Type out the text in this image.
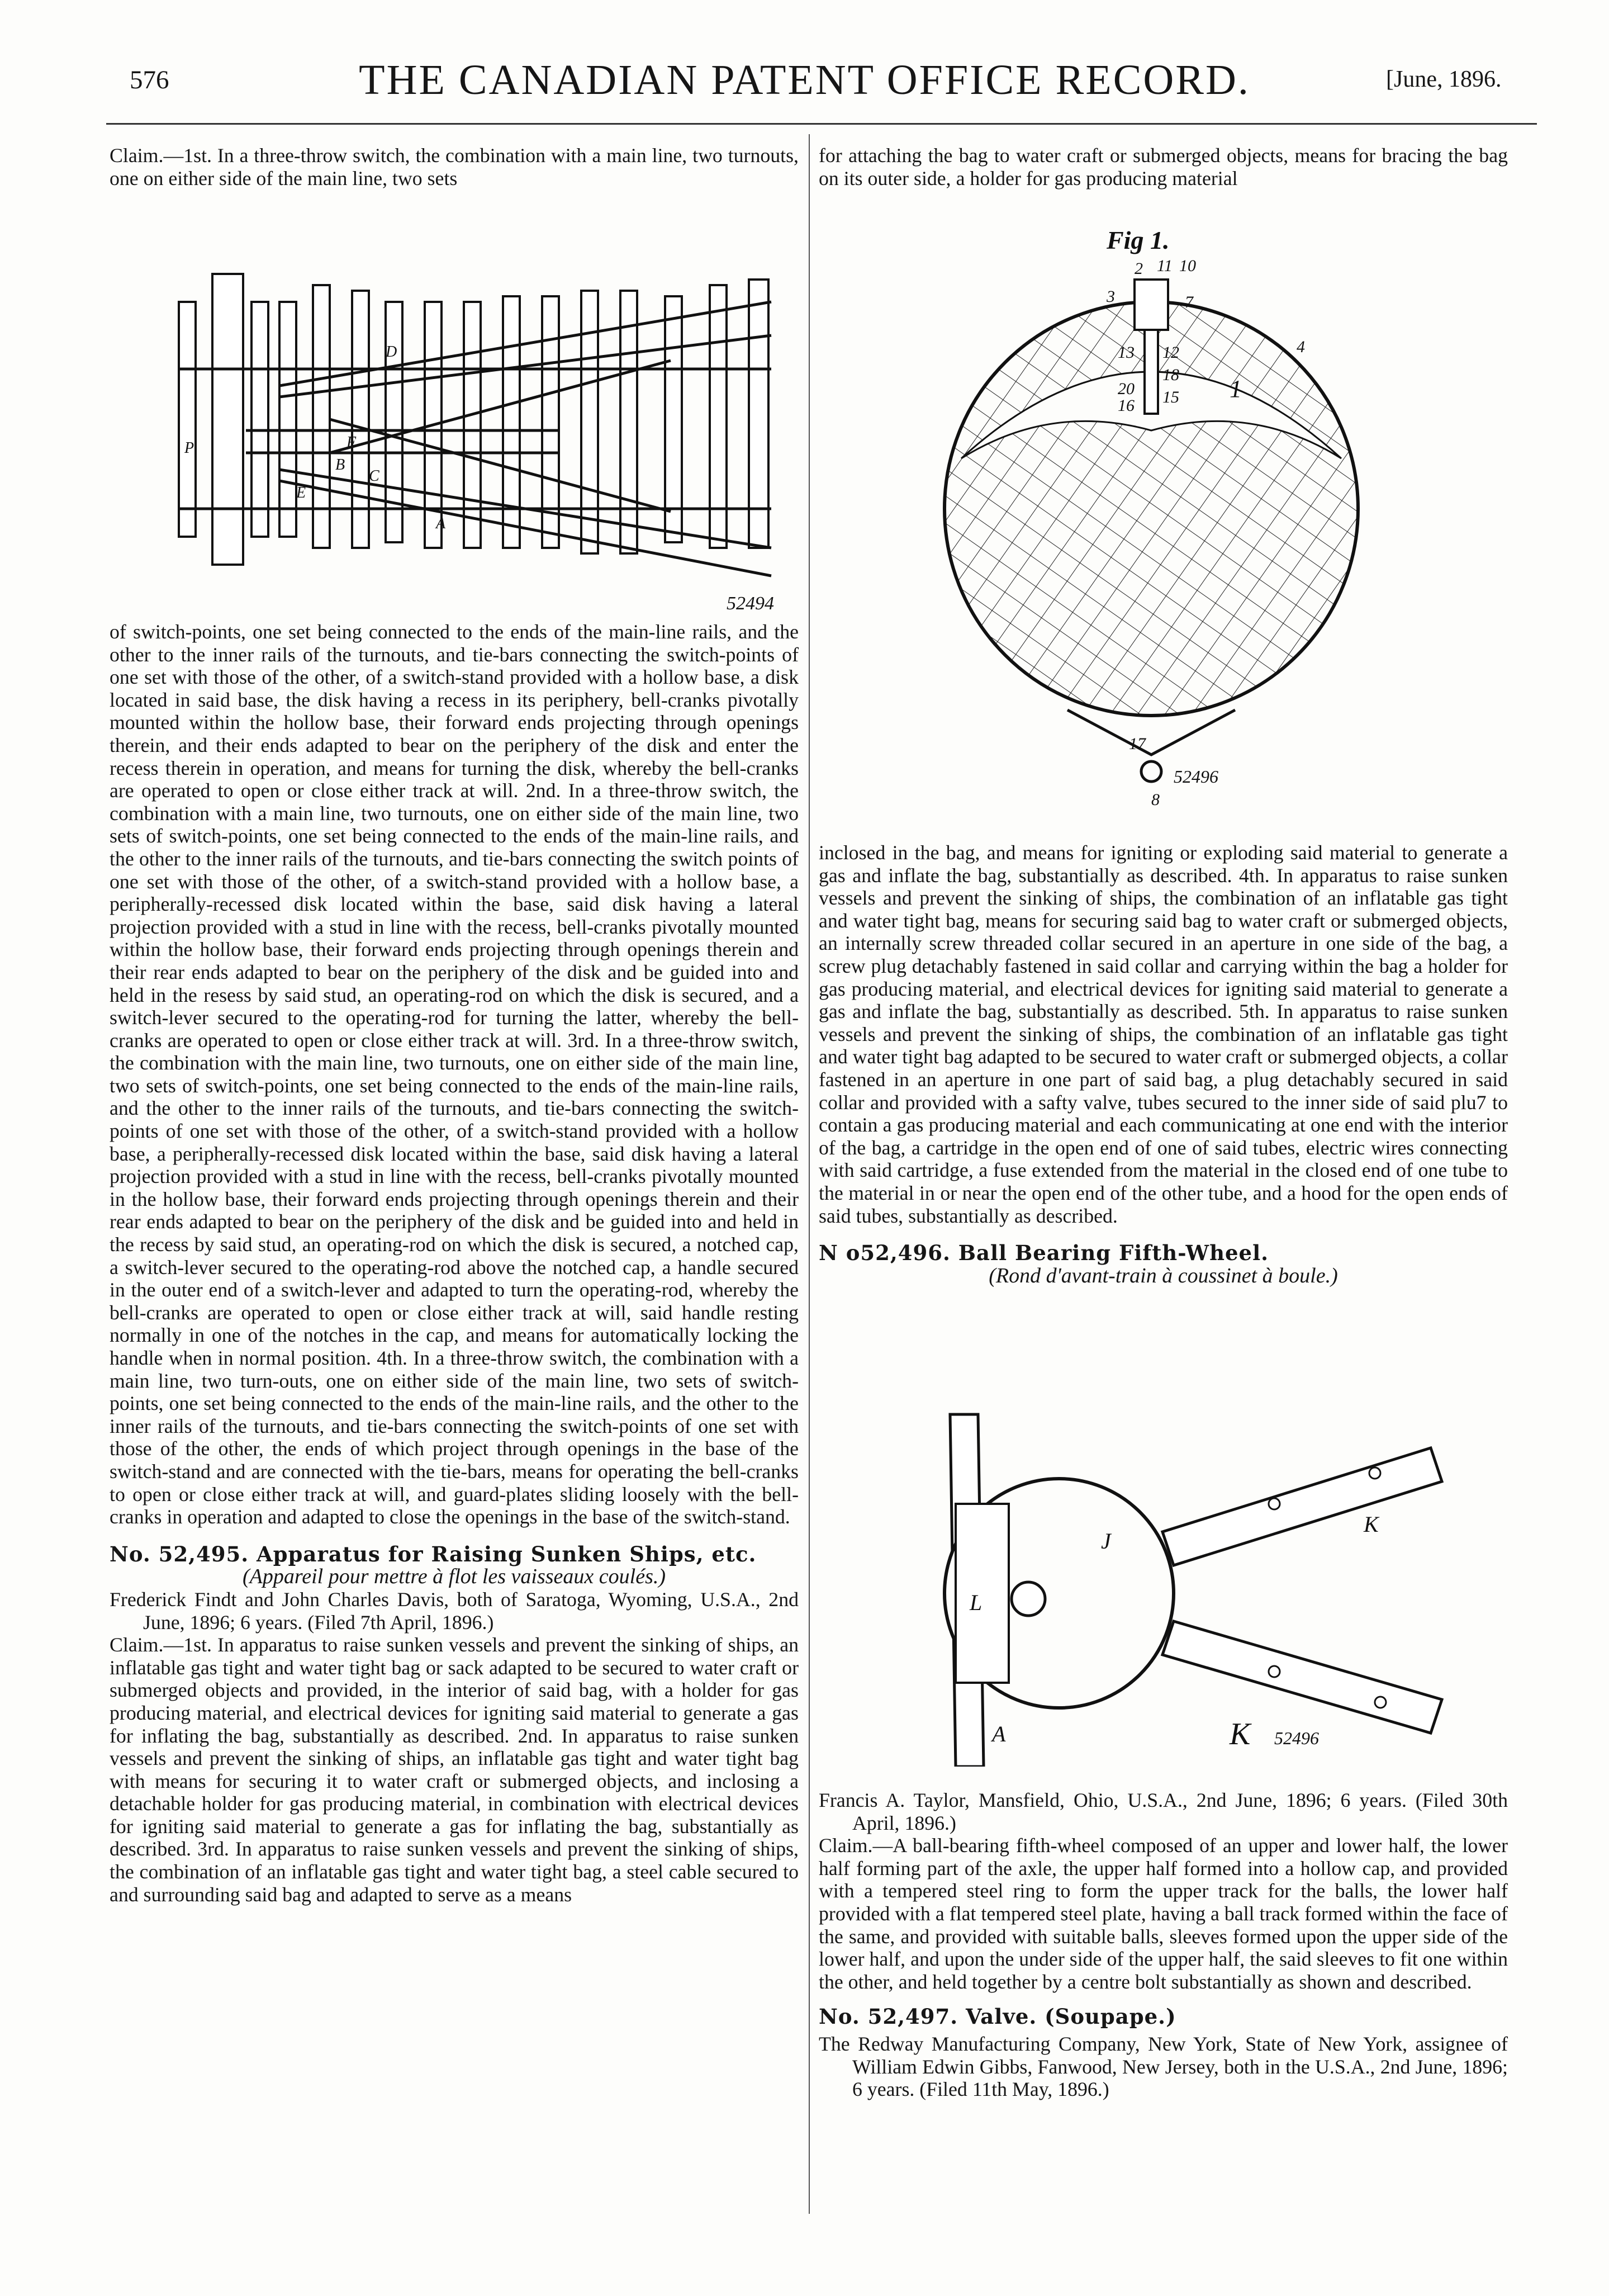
576	THE CANADIAN PATENT OFFICE RECORD.	[June, 1896.

Claim.—1st. In a three-throw switch, the combination with a main line, two turnouts, one on either side of the main line, two sets

D
E
C
P
A
B
F
52494

of switch-points, one set being connected to the ends of the main-line rails, and the other to the inner rails of the turnouts, and tie-bars connecting the switch-points of one set with those of the other, of a switch-stand provided with a hollow base, a disk located in said base, the disk having a recess in its periphery, bell-cranks pivotally mounted within the hollow base, their forward ends projecting through openings therein, and their ends adapted to bear on the periphery of the disk and enter the recess therein in operation, and means for turning the disk, whereby the bell-cranks are operated to open or close either track at will. 2nd. In a three-throw switch, the combination with a main line, two turnouts, one on either side of the main line, two sets of switch-points, one set being connected to the ends of the main-line rails, and the other to the inner rails of the turnouts, and tie-bars connecting the switch points of one set with those of the other, of a switch-stand provided with a hollow base, a peripherally-recessed disk located within the base, said disk having a lateral projection provided with a stud in line with the recess, bell-cranks pivotally mounted within the hollow base, their forward ends projecting through openings therein and their rear ends adapted to bear on the periphery of the disk and be guided into and held in the resess by said stud, an operating-rod on which the disk is secured, and a switch-lever secured to the operating-rod for turning the latter, whereby the bell-cranks are operated to open or close either track at will. 3rd. In a three-throw switch, the combination with the main line, two turnouts, one on either side of the main line, two sets of switch-points, one set being connected to the ends of the main-line rails, and the other to the inner rails of the turnouts, and tie-bars connecting the switch-points of one set with those of the other, of a switch-stand provided with a hollow base, a peripherally-recessed disk located within the base, said disk having a lateral projection provided with a stud in line with the recess, bell-cranks pivotally mounted in the hollow base, their forward ends projecting through openings therein and their rear ends adapted to bear on the periphery of the disk and be guided into and held in the recess by said stud, an operating-rod on which the disk is secured, a notched cap, a switch-lever secured to the operating-rod above the notched cap, a handle secured in the outer end of a switch-lever and adapted to turn the operating-rod, whereby the bell-cranks are operated to open or close either track at will, said handle resting normally in one of the notches in the cap, and means for automatically locking the handle when in normal position. 4th. In a three-throw switch, the combination with a main line, two turn-outs, one on either side of the main line, two sets of switch-points, one set being connected to the ends of the main-line rails, and the other to the inner rails of the turnouts, and tie-bars connecting the switch-points of one set with those of the other, the ends of which project through openings in the base of the switch-stand and are connected with the tie-bars, means for operating the bell-cranks to open or close either track at will, and guard-plates sliding loosely with the bell-cranks in operation and adapted to close the openings in the base of the switch-stand.

No. 52,495. Apparatus for Raising Sunken Ships, etc.

(Appareil pour mettre à flot les vaisseaux coulés.)

Frederick Findt and John Charles Davis, both of Saratoga, Wyoming, U.S.A., 2nd June, 1896; 6 years. (Filed 7th April, 1896.)

Claim.—1st. In apparatus to raise sunken vessels and prevent the sinking of ships, an inflatable gas tight and water tight bag or sack adapted to be secured to water craft or submerged objects and provided, in the interior of said bag, with a holder for gas producing material, and electrical devices for igniting said material to generate a gas for inflating the bag, substantially as described. 2nd. In apparatus to raise sunken vessels and prevent the sinking of ships, an inflatable gas tight and water tight bag with means for securing it to water craft or submerged objects, and inclosing a detachable holder for gas producing material, in combination with electrical devices for igniting said material to generate a gas for inflating the bag, substantially as described. 3rd. In apparatus to raise sunken vessels and prevent the sinking of ships, the combination of an inflatable gas tight and water tight bag, a steel cable secured to and surrounding said bag and adapted to serve as a means

for attaching the bag to water craft or submerged objects, means for bracing the bag on its outer side, a holder for gas producing material

Fig 1.
2 11 10
3	7
13 12
18
20
16 15 1
4
17
8
52496

inclosed in the bag, and means for igniting or exploding said material to generate a gas and inflate the bag, substantially as described. 4th. In apparatus to raise sunken vessels and prevent the sinking of ships, the combination of an inflatable gas tight and water tight bag, means for securing said bag to water craft or submerged objects, an internally screw threaded collar secured in an aperture in one side of the bag, a screw plug detachably fastened in said collar and carrying within the bag a holder for gas producing material, and electrical devices for igniting said material to generate a gas and inflate the bag, substantially as described. 5th. In apparatus to raise sunken vessels and prevent the sinking of ships, the combination of an inflatable gas tight and water tight bag adapted to be secured to water craft or submerged objects, a collar fastened in an aperture in one part of said bag, a plug detachably secured in said collar and provided with a safty valve, tubes secured to the inner side of said plu7 to contain a gas producing material and each communicating at one end with the interior of the bag, a cartridge in the open end of one of said tubes, electric wires connecting with said cartridge, a fuse extended from the material in the closed end of one tube to the material in or near the open end of the other tube, and a hood for the open ends of said tubes, substantially as described.

N o52,496. Ball Bearing Fifth-Wheel.

(Rond d'avant-train à coussinet à boule.)

J
K
L
K
A	52496

Francis A. Taylor, Mansfield, Ohio, U.S.A., 2nd June, 1896; 6 years. (Filed 30th April, 1896.)

Claim.—A ball-bearing fifth-wheel composed of an upper and lower half, the lower half forming part of the axle, the upper half formed into a hollow cap, and provided with a tempered steel ring to form the upper track for the balls, the lower half provided with a flat tempered steel plate, having a ball track formed within the face of the same, and provided with suitable balls, sleeves formed upon the upper side of the lower half, and upon the under side of the upper half, the said sleeves to fit one within the other, and held together by a centre bolt substantially as shown and described.

No. 52,497. Valve. (Soupape.)

The Redway Manufacturing Company, New York, State of New York, assignee of William Edwin Gibbs, Fanwood, New Jersey, both in the U.S.A., 2nd June, 1896; 6 years. (Filed 11th May, 1896.)
